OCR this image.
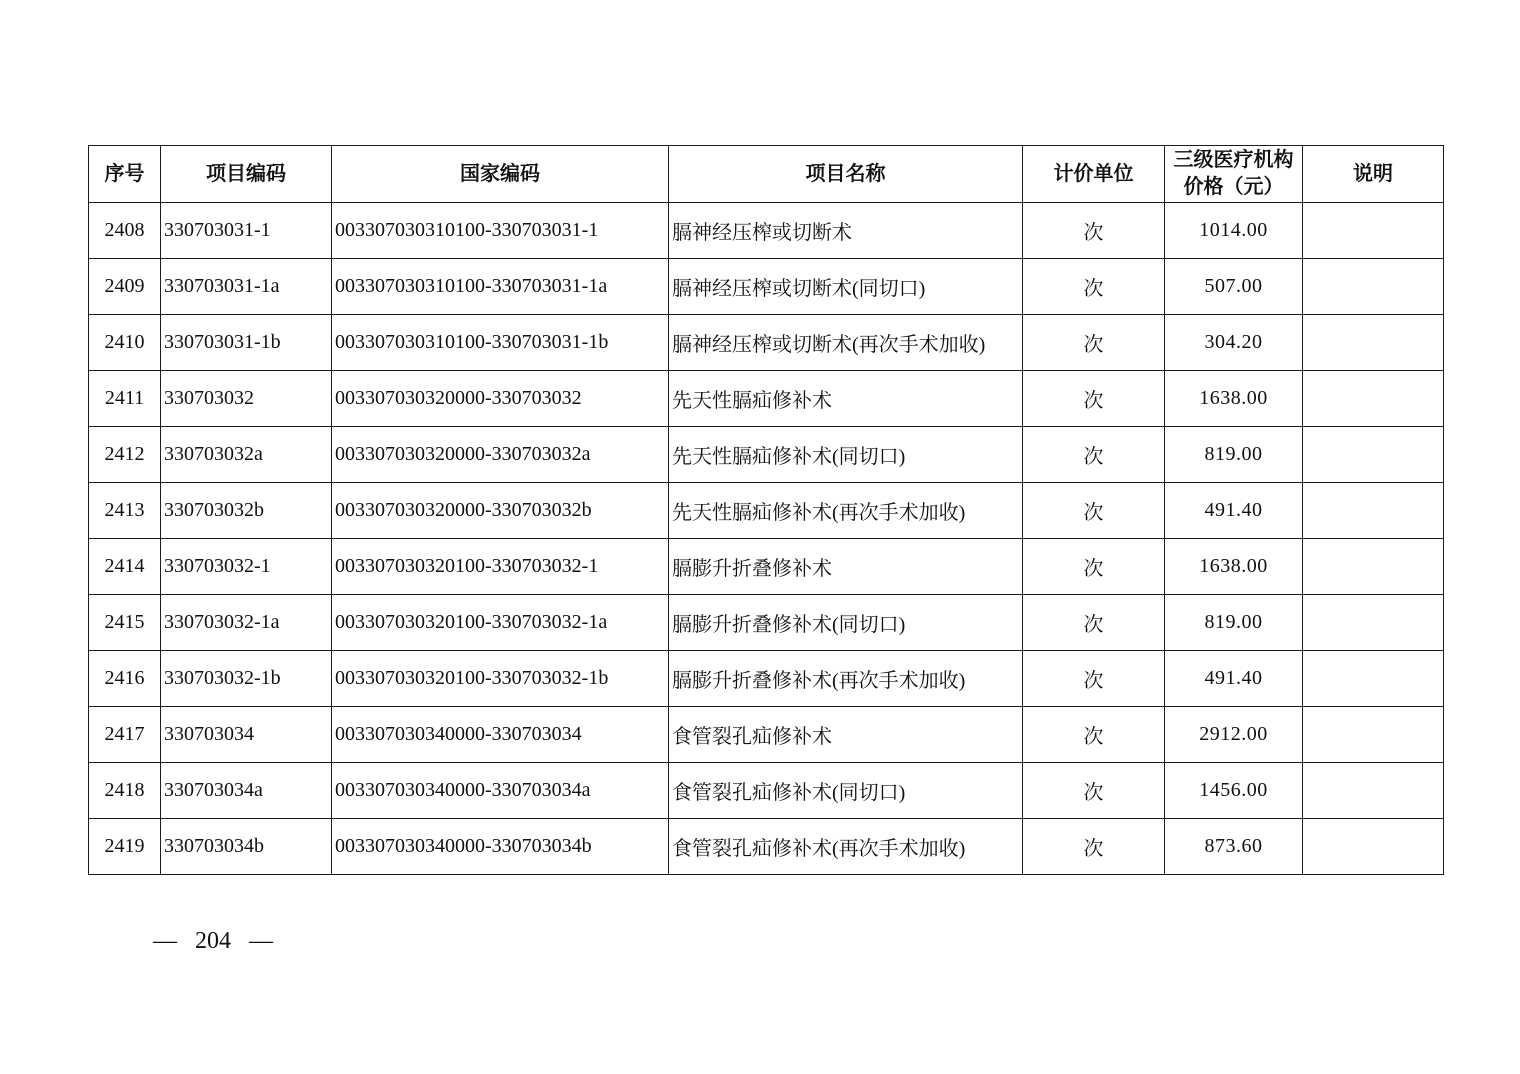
序号	项目编码	国家编码	项目名称	计价单位	三级医疗机构价格（元）	说明
2408	330703031-1	003307030310100-330703031-1	膈神经压榨或切断术	次	1014.00	
2409	330703031-1a	003307030310100-330703031-1a	膈神经压榨或切断术(同切口)	次	507.00	
2410	330703031-1b	003307030310100-330703031-1b	膈神经压榨或切断术(再次手术加收)	次	304.20	
2411	330703032	003307030320000-330703032	先天性膈疝修补术	次	1638.00	
2412	330703032a	003307030320000-330703032a	先天性膈疝修补术(同切口)	次	819.00	
2413	330703032b	003307030320000-330703032b	先天性膈疝修补术(再次手术加收)	次	491.40	
2414	330703032-1	003307030320100-330703032-1	膈膨升折叠修补术	次	1638.00	
2415	330703032-1a	003307030320100-330703032-1a	膈膨升折叠修补术(同切口)	次	819.00	
2416	330703032-1b	003307030320100-330703032-1b	膈膨升折叠修补术(再次手术加收)	次	491.40	
2417	330703034	003307030340000-330703034	食管裂孔疝修补术	次	2912.00	
2418	330703034a	003307030340000-330703034a	食管裂孔疝修补术(同切口)	次	1456.00	
2419	330703034b	003307030340000-330703034b	食管裂孔疝修补术(再次手术加收)	次	873.60	
— 204 —
